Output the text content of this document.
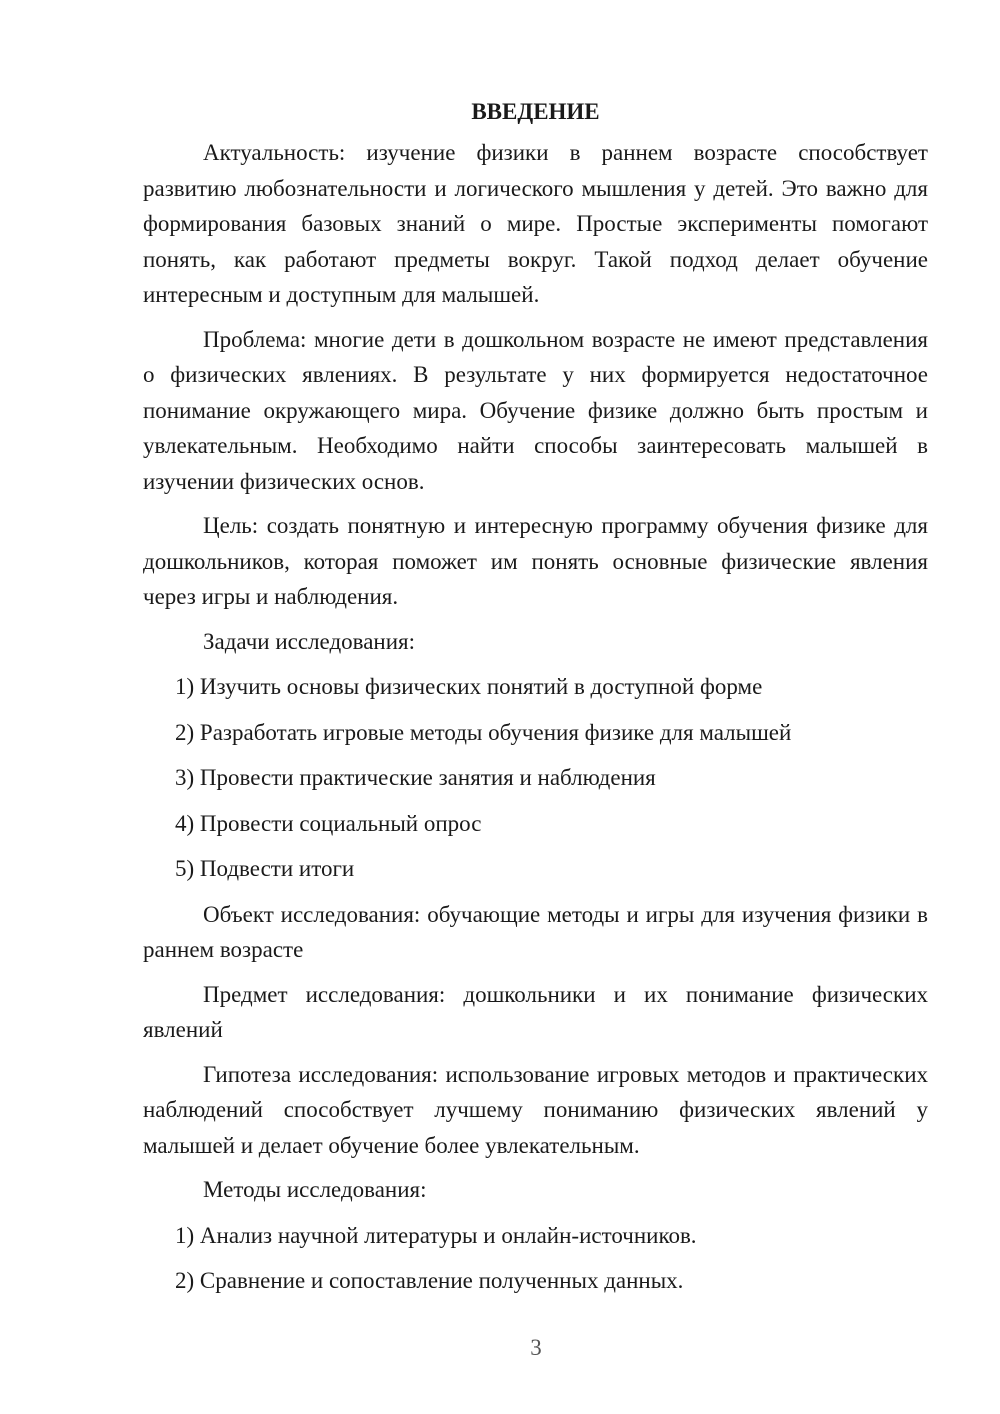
ВВЕДЕНИЕ

Актуальность: изучение физики в раннем возрасте способствует развитию любознательности и логического мышления у детей. Это важно для формирования базовых знаний о мире. Простые эксперименты помогают понять, как работают предметы вокруг. Такой подход делает обучение интересным и доступным для малышей.

Проблема: многие дети в дошкольном возрасте не имеют представления о физических явлениях. В результате у них формируется недостаточное понимание окружающего мира. Обучение физике должно быть простым и увлекательным. Необходимо найти способы заинтересовать малышей в изучении физических основ.

Цель: создать понятную и интересную программу обучения физике для дошкольников, которая поможет им понять основные физические явления через игры и наблюдения.

Задачи исследования:

1) Изучить основы физических понятий в доступной форме
2) Разработать игровые методы обучения физике для малышей
3) Провести практические занятия и наблюдения
4) Провести социальный опрос
5) Подвести итоги

Объект исследования: обучающие методы и игры для изучения физики в раннем возрасте

Предмет исследования: дошкольники и их понимание физических явлений

Гипотеза исследования: использование игровых методов и практических наблюдений способствует лучшему пониманию физических явлений у малышей и делает обучение более увлекательным.

Методы исследования:

1) Анализ научной литературы и онлайн-источников.
2) Сравнение и сопоставление полученных данных.
3
